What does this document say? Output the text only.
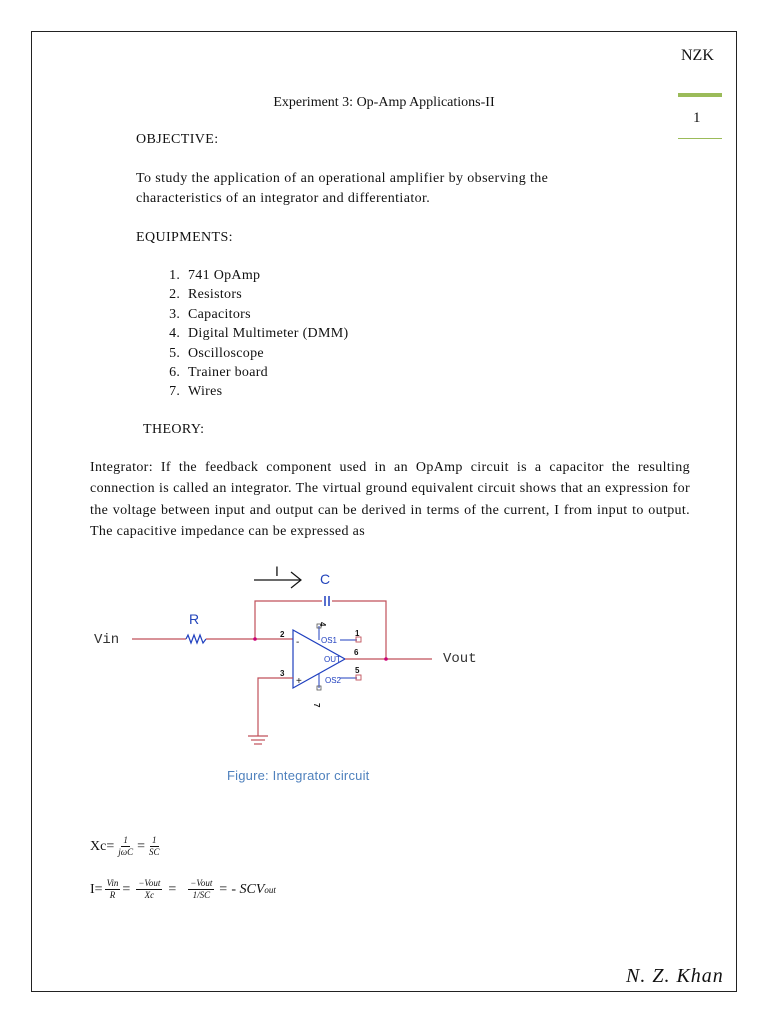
NZK
1
Experiment 3: Op-Amp Applications-II
OBJECTIVE:
To study the application of an operational amplifier by observing the
characteristics of an integrator and differentiator.
EQUIPMENTS:
1. 741 OpAmp
2. Resistors
3. Capacitors
4. Digital Multimeter (DMM)
5. Oscilloscope
6. Trainer board
7. Wires
THEORY:
Integrator: If the feedback component used in an OpAmp circuit is a capacitor the resulting connection is called an integrator. The virtual ground equivalent circuit shows that an expression for the voltage between input and output can be derived in terms of the current, I from input to output. The capacitive impedance can be expressed as
I	C
Vin
R
-
+
2
3
4
7
OS1
1
OUT
OS2
5
6	Vout
Figure: Integrator circuit
$Xc= \frac{1}{\text{jωC}} = \frac{1}{SC}$
$I= \frac{\text{Vin}}{R} = \frac{\text{−Vout}}{Xc} = \frac{\text{−Vout}}{1/SC}$ = - SCV out
N. Z. Khan
